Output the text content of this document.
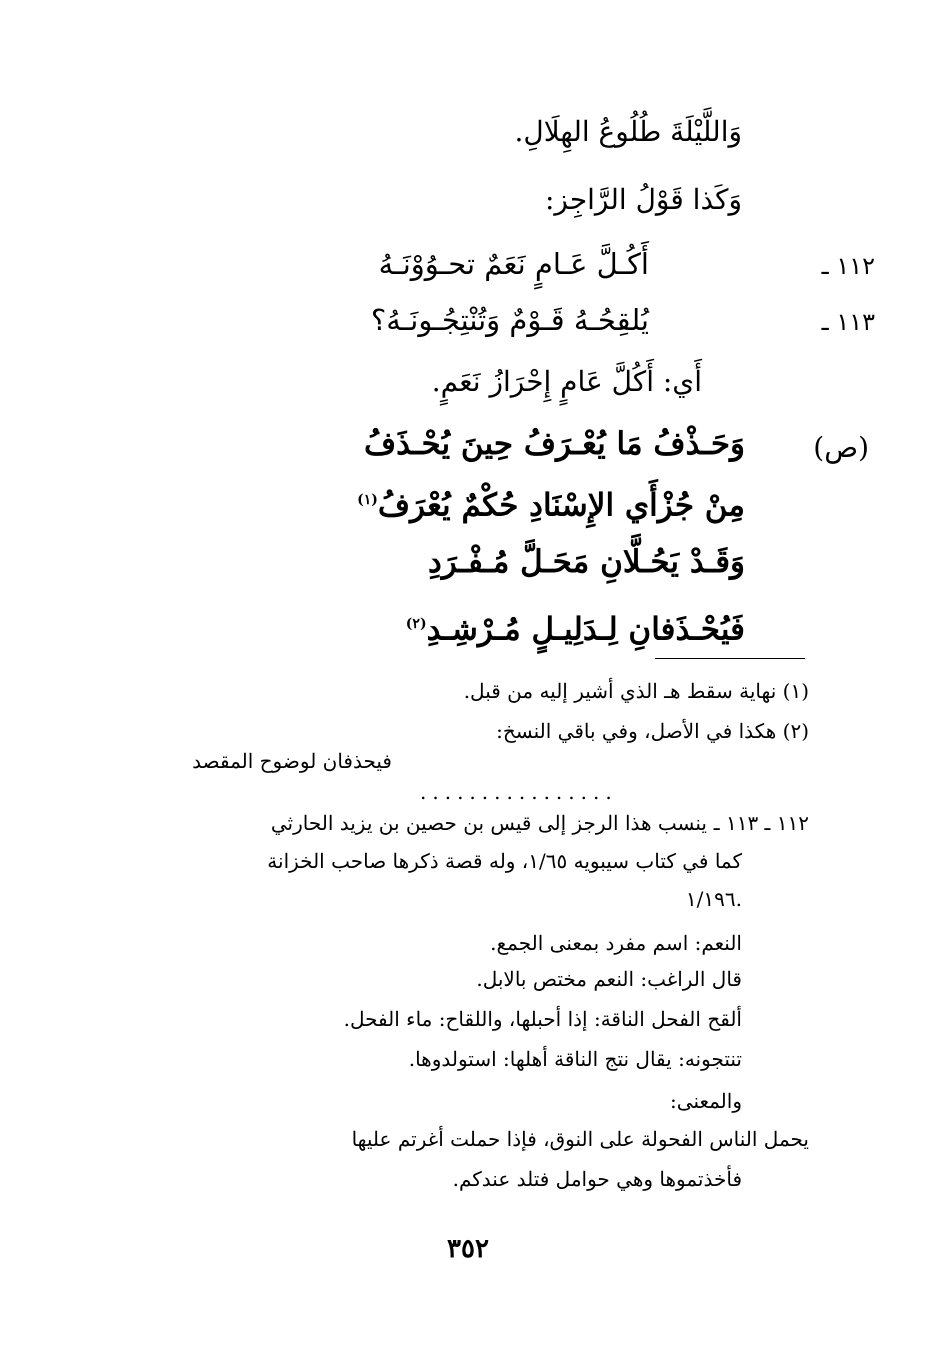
وَاللَّيْلَةَ طُلُوعُ الهِلَالِ.
وَكَذا قَوْلُ الرَّاجِز:
١١٢ ـ
أَكُـلَّ عَـامٍ نَعَمٌ تحـوُوْنَـهُ
١١٣ ـ
يُلقِحُـهُ قَـوْمٌ وَتُنْتِجُـونَـهُ؟
أَي: أَكُلَّ عَامٍ إِحْرَازُ نَعَمٍ.
(ص)
وَحَـذْفُ مَا يُعْـرَفُ حِينَ يُحْـذَفُ
مِنْ جُزْأَي الإِسْنَادِ حُكْمٌ يُعْرَفُ$^{(١)}$
وَقَـدْ يَحُـلَّانِ مَحَـلَّ مُـفْـرَدِ
فَيُحْـذَفانِ لِـدَلِيـلٍ مُـرْشِـدِ$^{(٢)}$
(١) نهاية سقط هـ الذي أشير إليه من قبل.
(٢) هكذا في الأصل، وفي باقي النسخ:
فيحذفان لوضوح المقصد
................
١١٢ ـ ١١٣ ـ
ينسب هذا الرجز إلى قيس بن حصين بن يزيد الحارثي
كما في كتاب سيبويه ١/٦٥، وله قصة ذكرها صاحب الخزانة
١/١٩٦.
النعم: اسم مفرد بمعنى الجمع.
قال الراغب: النعم مختص بالابل.
ألقح الفحل الناقة: إذا أحبلها، واللقاح: ماء الفحل.
تنتجونه: يقال نتج الناقة أهلها: استولدوها.
والمعنى:
يحمل الناس الفحولة على النوق، فإذا حملت أغرتم عليها
فأخذتموها وهي حوامل فتلد عندكم.
٣٥٢
